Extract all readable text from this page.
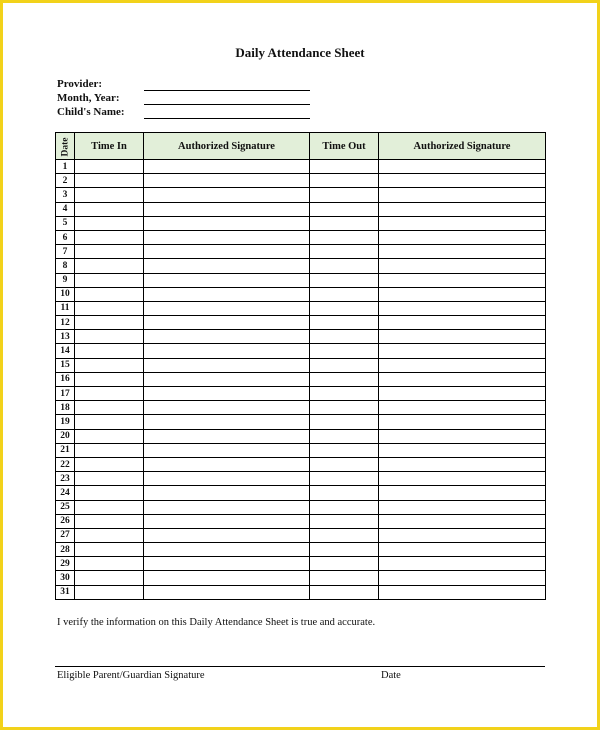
Daily Attendance Sheet
Provider:
Month, Year:
Child's Name:
Date	Time In	Authorized Signature	Time Out	Authorized Signature
1				
2				
3				
4				
5				
6				
7				
8				
9				
10				
11				
12				
13				
14				
15				
16				
17				
18				
19				
20				
21				
22				
23				
24				
25				
26				
27				
28				
29				
30				
31				
I verify the information on this Daily Attendance Sheet is true and accurate.
Eligible Parent/Guardian Signature	Date
